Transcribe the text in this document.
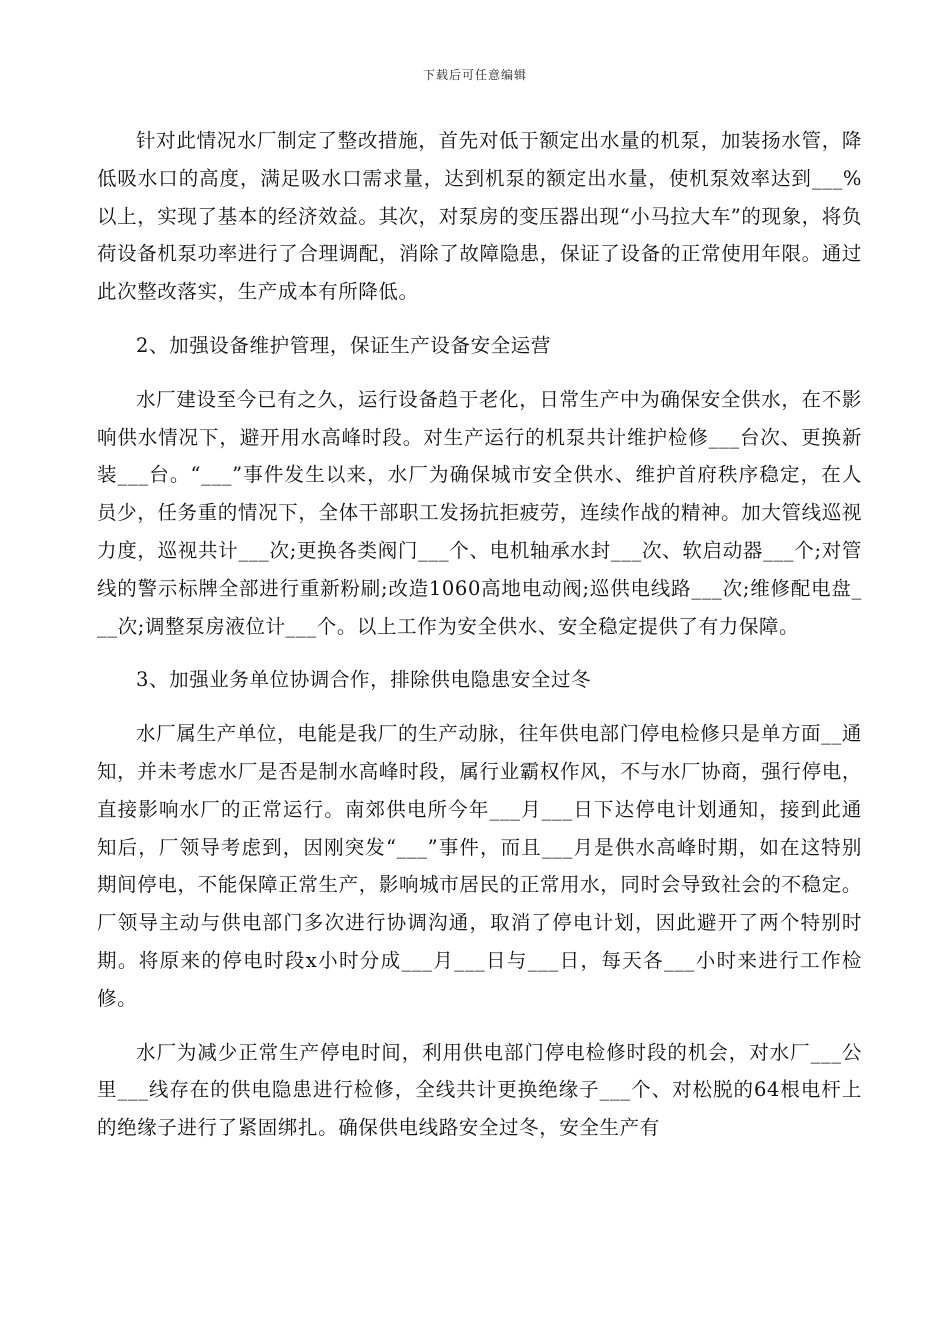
下载后可任意编辑

针对此情况水厂制定了整改措施，首先对低于额定出水量的机泵，加装扬水管，降低吸水口的高度，满足吸水口需求量，达到机泵的额定出水量，使机泵效率达到___%以上，实现了基本的经济效益。其次，对泵房的变压器出现“小马拉大车”的现象，将负荷设备机泵功率进行了合理调配，消除了故障隐患，保证了设备的正常使用年限。通过此次整改落实，生产成本有所降低。

2、加强设备维护管理，保证生产设备安全运营

水厂建设至今已有之久，运行设备趋于老化，日常生产中为确保安全供水，在不影响供水情况下，避开用水高峰时段。对生产运行的机泵共计维护检修___台次、更换新装___台。“___”事件发生以来，水厂为确保城市安全供水、维护首府秩序稳定，在人员少，任务重的情况下，全体干部职工发扬抗拒疲劳，连续作战的精神。加大管线巡视力度，巡视共计___次;更换各类阀门___个、电机轴承水封___次、软启动器___个;对管线的警示标牌全部进行重新粉刷;改造1060高地电动阀;巡供电线路___次;维修配电盘___次;调整泵房液位计___个。以上工作为安全供水、安全稳定提供了有力保障。

3、加强业务单位协调合作，排除供电隐患安全过冬

水厂属生产单位，电能是我厂的生产动脉，往年供电部门停电检修只是单方面__通知，并未考虑水厂是否是制水高峰时段，属行业霸权作风，不与水厂协商，强行停电，直接影响水厂的正常运行。南郊供电所今年___月___日下达停电计划通知，接到此通知后，厂领导考虑到，因刚突发“___”事件，而且___月是供水高峰时期，如在这特别期间停电，不能保障正常生产，影响城市居民的正常用水，同时会导致社会的不稳定。厂领导主动与供电部门多次进行协调沟通，取消了停电计划，因此避开了两个特别时期。将原来的停电时段x小时分成___月___日与___日，每天各___小时来进行工作检修。

水厂为减少正常生产停电时间，利用供电部门停电检修时段的机会，对水厂___公里___线存在的供电隐患进行检修，全线共计更换绝缘子___个、对松脱的64根电杆上的绝缘子进行了紧固绑扎。确保供电线路安全过冬，安全生产有
